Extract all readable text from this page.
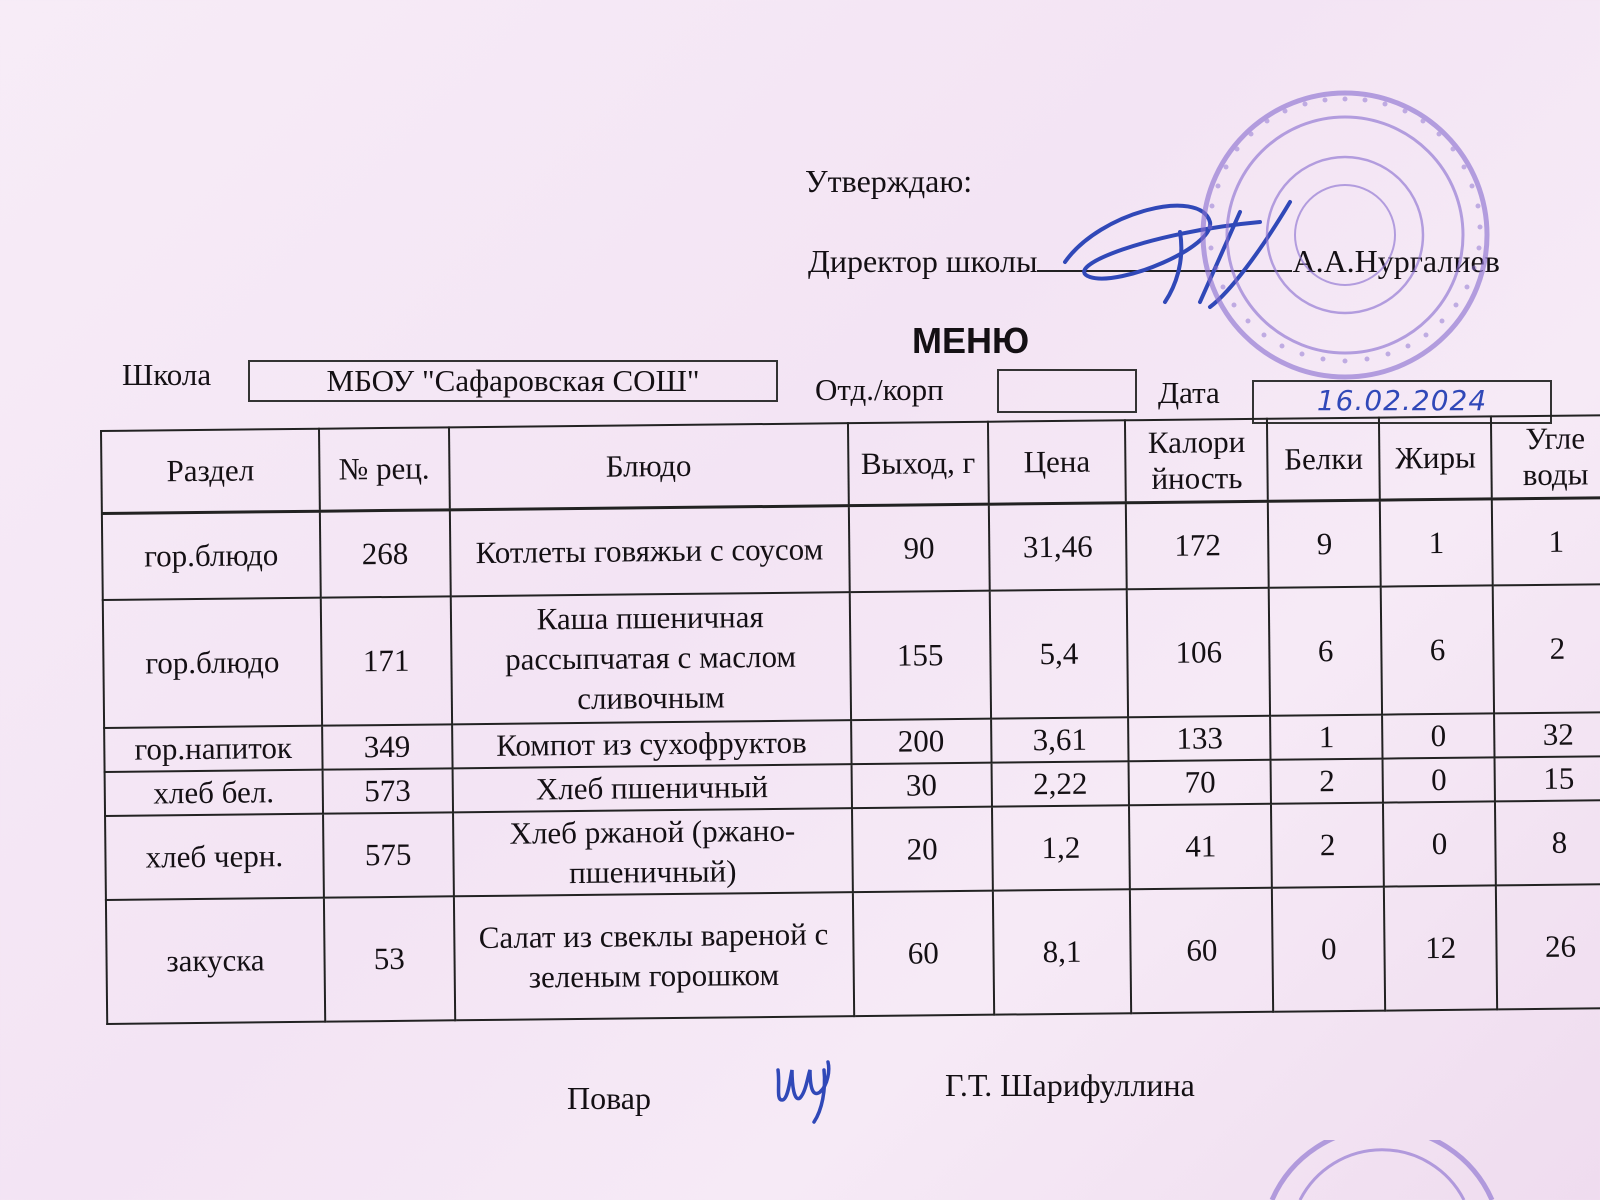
Утверждаю:
Директор школы	А.А.Нургалиев
МЕНЮ
Школа	МБОУ "Сафаровская СОШ"	Отд./корп	Дата	16.02.2024
Раздел	№ рец.	Блюдо	Выход, г	Цена	Калори йность	Белки	Жиры	Угле воды
гор.блюдо	268	Котлеты говяжьи с соусом	90	31,46	172	9	1	1
гор.блюдо	171	Каша пшеничная рассыпчатая с маслом сливочным	155	5,4	106	6	6	2
гор.напиток	349	Компот из сухофруктов	200	3,61	133	1	0	32
хлеб бел.	573	Хлеб пшеничный	30	2,22	70	2	0	15
хлеб черн.	575	Хлеб ржаной (ржано-пшеничный)	20	1,2	41	2	0	8
закуска	53	Салат из свеклы вареной с зеленым горошком	60	8,1	60	0	12	26
Повар	Г.Т. Шарифуллина
